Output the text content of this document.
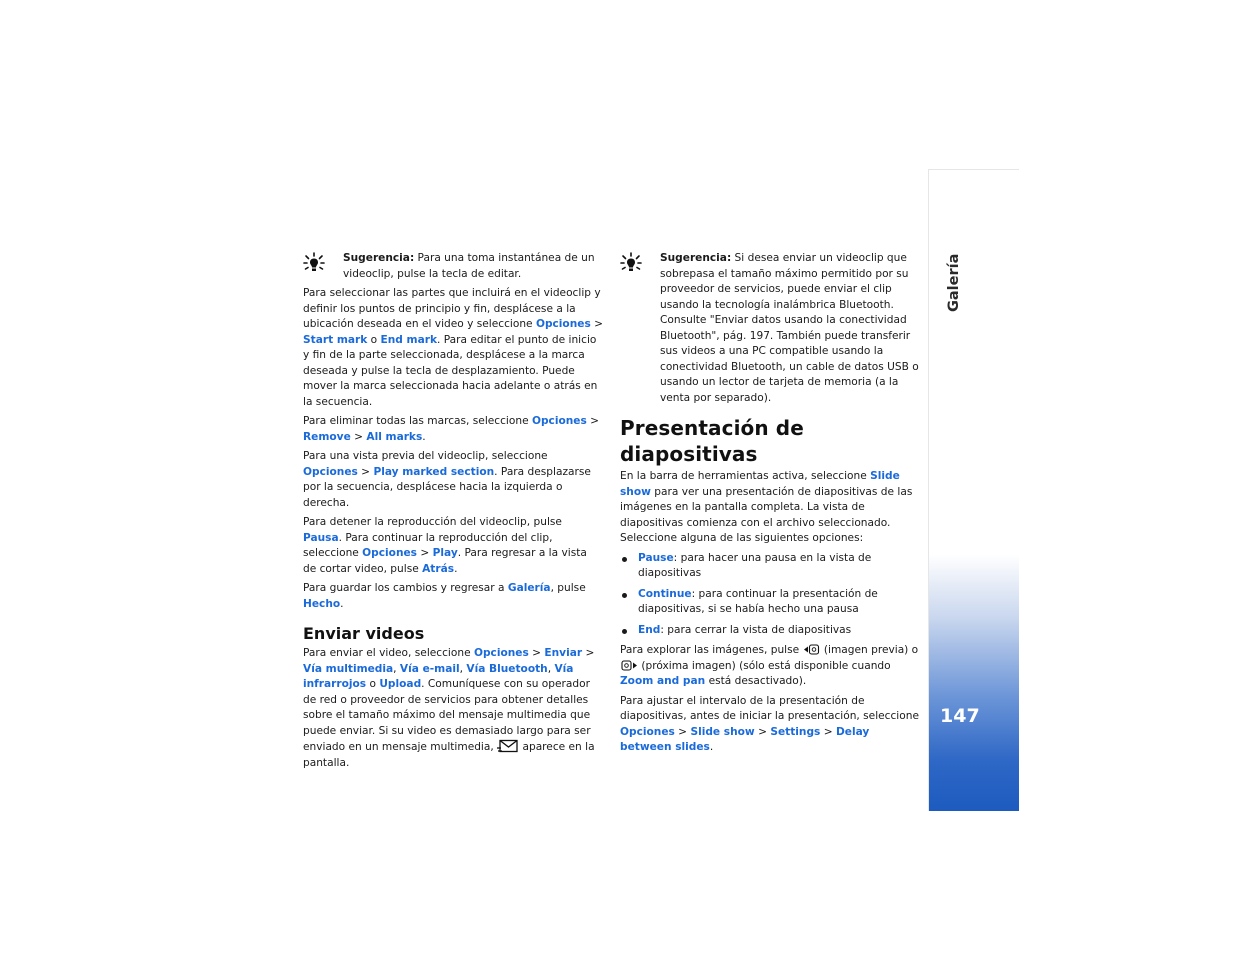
Sugerencia: Para una toma instantánea de un videoclip, pulse la tecla de editar.

Para seleccionar las partes que incluirá en el videoclip y definir los puntos de principio y fin, desplácese a la ubicación deseada en el video y seleccione Opciones > Start mark o End mark. Para editar el punto de inicio y fin de la parte seleccionada, desplácese a la marca deseada y pulse la tecla de desplazamiento. Puede mover la marca seleccionada hacia adelante o atrás en la secuencia.

Para eliminar todas las marcas, seleccione Opciones > Remove > All marks.

Para una vista previa del videoclip, seleccione Opciones > Play marked section. Para desplazarse por la secuencia, desplácese hacia la izquierda o derecha.

Para detener la reproducción del videoclip, pulse Pausa. Para continuar la reproducción del clip, seleccione Opciones > Play. Para regresar a la vista de cortar video, pulse Atrás.

Para guardar los cambios y regresar a Galería, pulse Hecho.

Enviar videos

Para enviar el video, seleccione Opciones > Enviar > Vía multimedia, Vía e-mail, Vía Bluetooth, Vía infrarrojos o Upload. Comuníquese con su operador de red o proveedor de servicios para obtener detalles sobre el tamaño máximo del mensaje multimedia que puede enviar. Si su video es demasiado largo para ser enviado en un mensaje multimedia,  aparece en la pantalla.

Sugerencia: Si desea enviar un videoclip que sobrepasa el tamaño máximo permitido por su proveedor de servicios, puede enviar el clip usando la tecnología inalámbrica Bluetooth. Consulte "Enviar datos usando la conectividad Bluetooth", pág. 197. También puede transferir sus videos a una PC compatible usando la conectividad Bluetooth, un cable de datos USB o usando un lector de tarjeta de memoria (a la venta por separado).
Presentación de diapositivas

En la barra de herramientas activa, seleccione Slide show para ver una presentación de diapositivas de las imágenes en la pantalla completa. La vista de diapositivas comienza con el archivo seleccionado. Seleccione alguna de las siguientes opciones:

Pause: para hacer una pausa en la vista de diapositivas
Continue: para continuar la presentación de diapositivas, si se había hecho una pausa
End: para cerrar la vista de diapositivas

Para explorar las imágenes, pulse  (imagen previa) o  (próxima imagen) (sólo está disponible cuando Zoom and pan está desactivado).

Para ajustar el intervalo de la presentación de diapositivas, antes de iniciar la presentación, seleccione Opciones > Slide show > Settings > Delay between slides.

Galería
147
